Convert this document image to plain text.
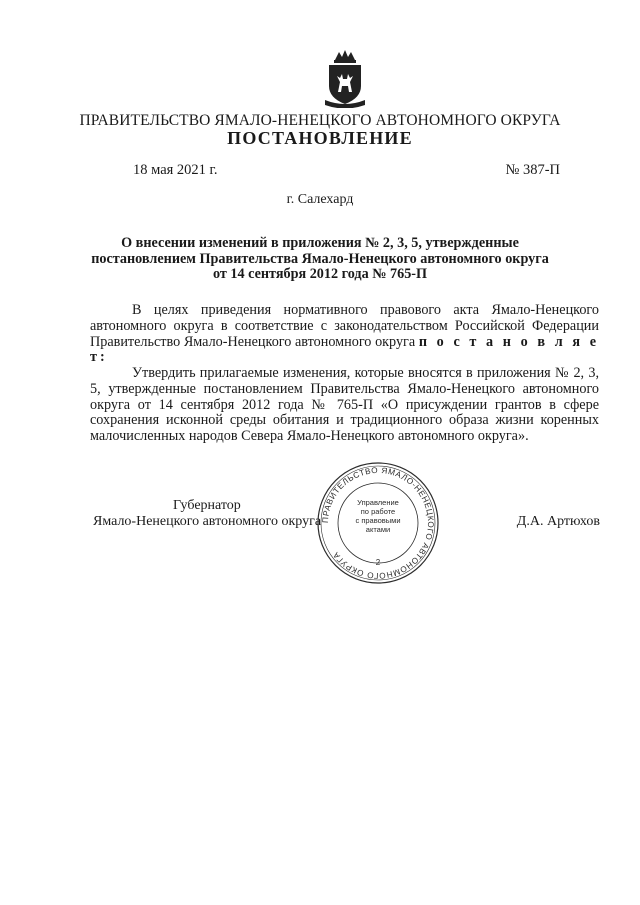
ПРАВИТЕЛЬСТВО ЯМАЛО-НЕНЕЦКОГО АВТОНОМНОГО ОКРУГА
ПОСТАНОВЛЕНИЕ
18 мая 2021 г.	№ 387-П
г. Салехард
О внесении изменений в приложения № 2, 3, 5, утвержденные
постановлением Правительства Ямало-Ненецкого автономного округа
от 14 сентября 2012 года № 765-П

В целях приведения нормативного правового акта Ямало-Ненецкого автономного округа в соответствие с законодательством Российской Федерации Правительство Ямало-Ненецкого автономного округа п о с т а н о в л я е т:

Утвердить прилагаемые изменения, которые вносятся в приложения № 2, 3, 5, утвержденные постановлением Правительства Ямало-Ненецкого автономного округа от 14 сентября 2012 года № 765-П «О присуждении грантов в сфере сохранения исконной среды обитания и традиционного образа жизни коренных малочисленных народов Севера Ямало-Ненецкого автономного округа».

Губернатор
Ямало-Ненецкого автономного округа	Д.А. Артюхов
ПРАВИТЕЛЬСТВО ЯМАЛО-НЕНЕЦКОГО АВТОНОМНОГО ОКРУГА
Управление
по работе
с правовыми
актами
2
